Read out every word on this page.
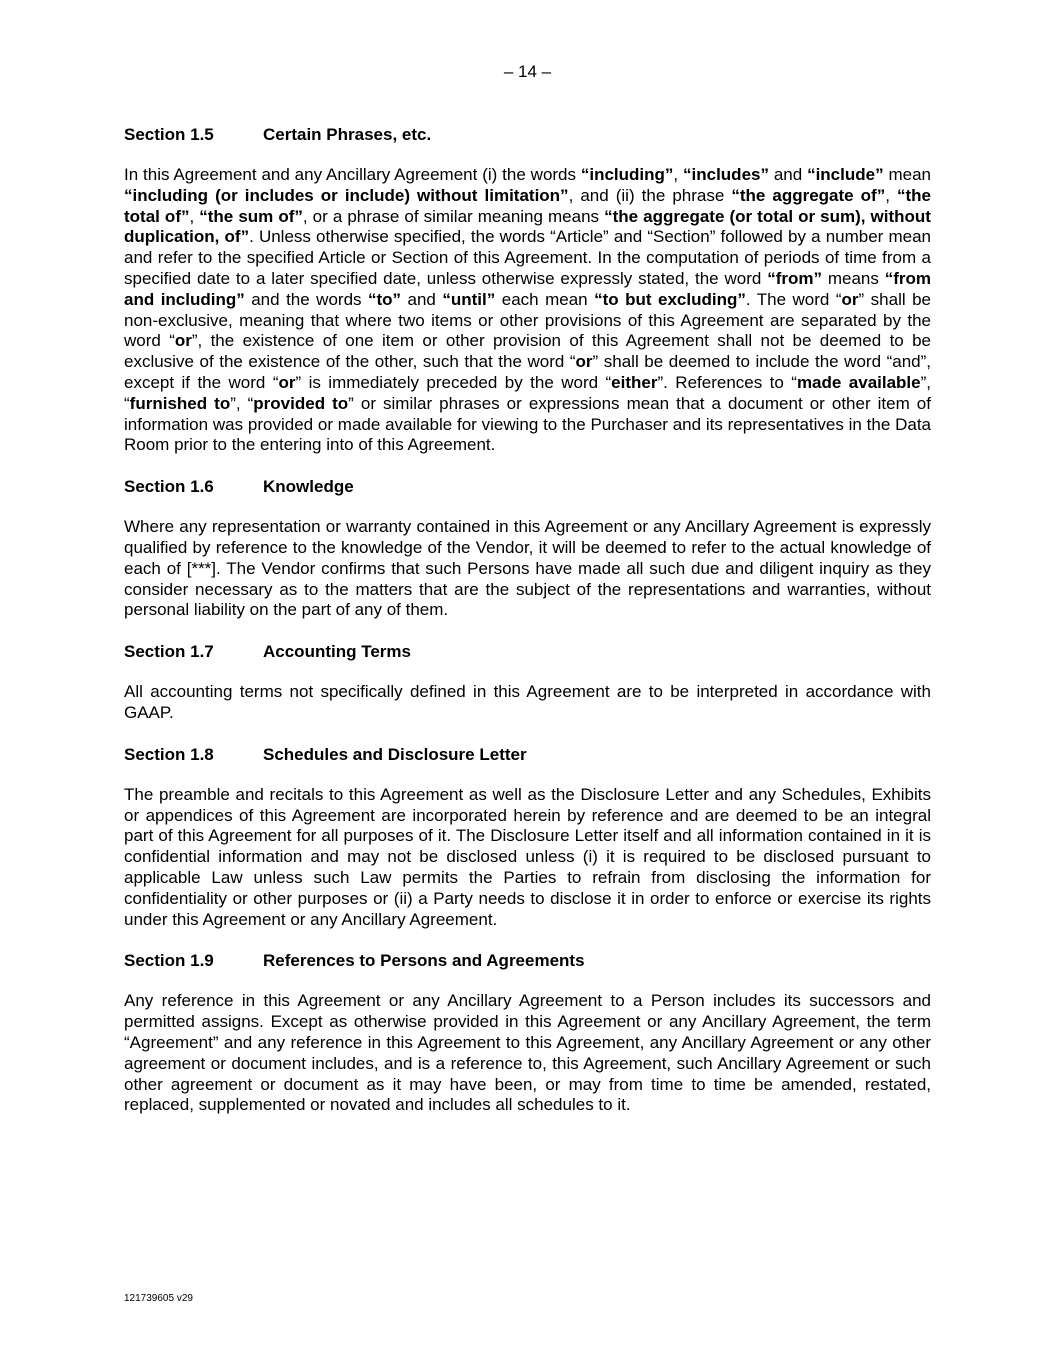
– 14 –
Section 1.5	Certain Phrases, etc.

In this Agreement and any Ancillary Agreement (i) the words “including”, “includes” and “include” mean “including (or includes or include) without limitation”, and (ii) the phrase “the aggregate of”, “the total of”, “the sum of”, or a phrase of similar meaning means “the aggregate (or total or sum), without duplication, of”. Unless otherwise specified, the words “Article” and “Section” followed by a number mean and refer to the specified Article or Section of this Agreement. In the computation of periods of time from a specified date to a later specified date, unless otherwise expressly stated, the word “from” means “from and including” and the words “to” and “until” each mean “to but excluding”. The word “or” shall be non-exclusive, meaning that where two items or other provisions of this Agreement are separated by the word “or”, the existence of one item or other provision of this Agreement shall not be deemed to be exclusive of the existence of the other, such that the word “or” shall be deemed to include the word “and”, except if the word “or” is immediately preceded by the word “either”. References to “made available”, “furnished to”, “provided to” or similar phrases or expressions mean that a document or other item of information was provided or made available for viewing to the Purchaser and its representatives in the Data Room prior to the entering into of this Agreement.

Section 1.6	Knowledge

Where any representation or warranty contained in this Agreement or any Ancillary Agreement is expressly qualified by reference to the knowledge of the Vendor, it will be deemed to refer to the actual knowledge of each of [***]. The Vendor confirms that such Persons have made all such due and diligent inquiry as they consider necessary as to the matters that are the subject of the representations and warranties, without personal liability on the part of any of them.

Section 1.7	Accounting Terms

All accounting terms not specifically defined in this Agreement are to be interpreted in accordance with GAAP.

Section 1.8	Schedules and Disclosure Letter

The preamble and recitals to this Agreement as well as the Disclosure Letter and any Schedules, Exhibits or appendices of this Agreement are incorporated herein by reference and are deemed to be an integral part of this Agreement for all purposes of it. The Disclosure Letter itself and all information contained in it is confidential information and may not be disclosed unless (i) it is required to be disclosed pursuant to applicable Law unless such Law permits the Parties to refrain from disclosing the information for confidentiality or other purposes or (ii) a Party needs to disclose it in order to enforce or exercise its rights under this Agreement or any Ancillary Agreement.

Section 1.9	References to Persons and Agreements

Any reference in this Agreement or any Ancillary Agreement to a Person includes its successors and permitted assigns. Except as otherwise provided in this Agreement or any Ancillary Agreement, the term “Agreement” and any reference in this Agreement to this Agreement, any Ancillary Agreement or any other agreement or document includes, and is a reference to, this Agreement, such Ancillary Agreement or such other agreement or document as it may have been, or may from time to time be amended, restated, replaced, supplemented or novated and includes all schedules to it.

121739605 v29
